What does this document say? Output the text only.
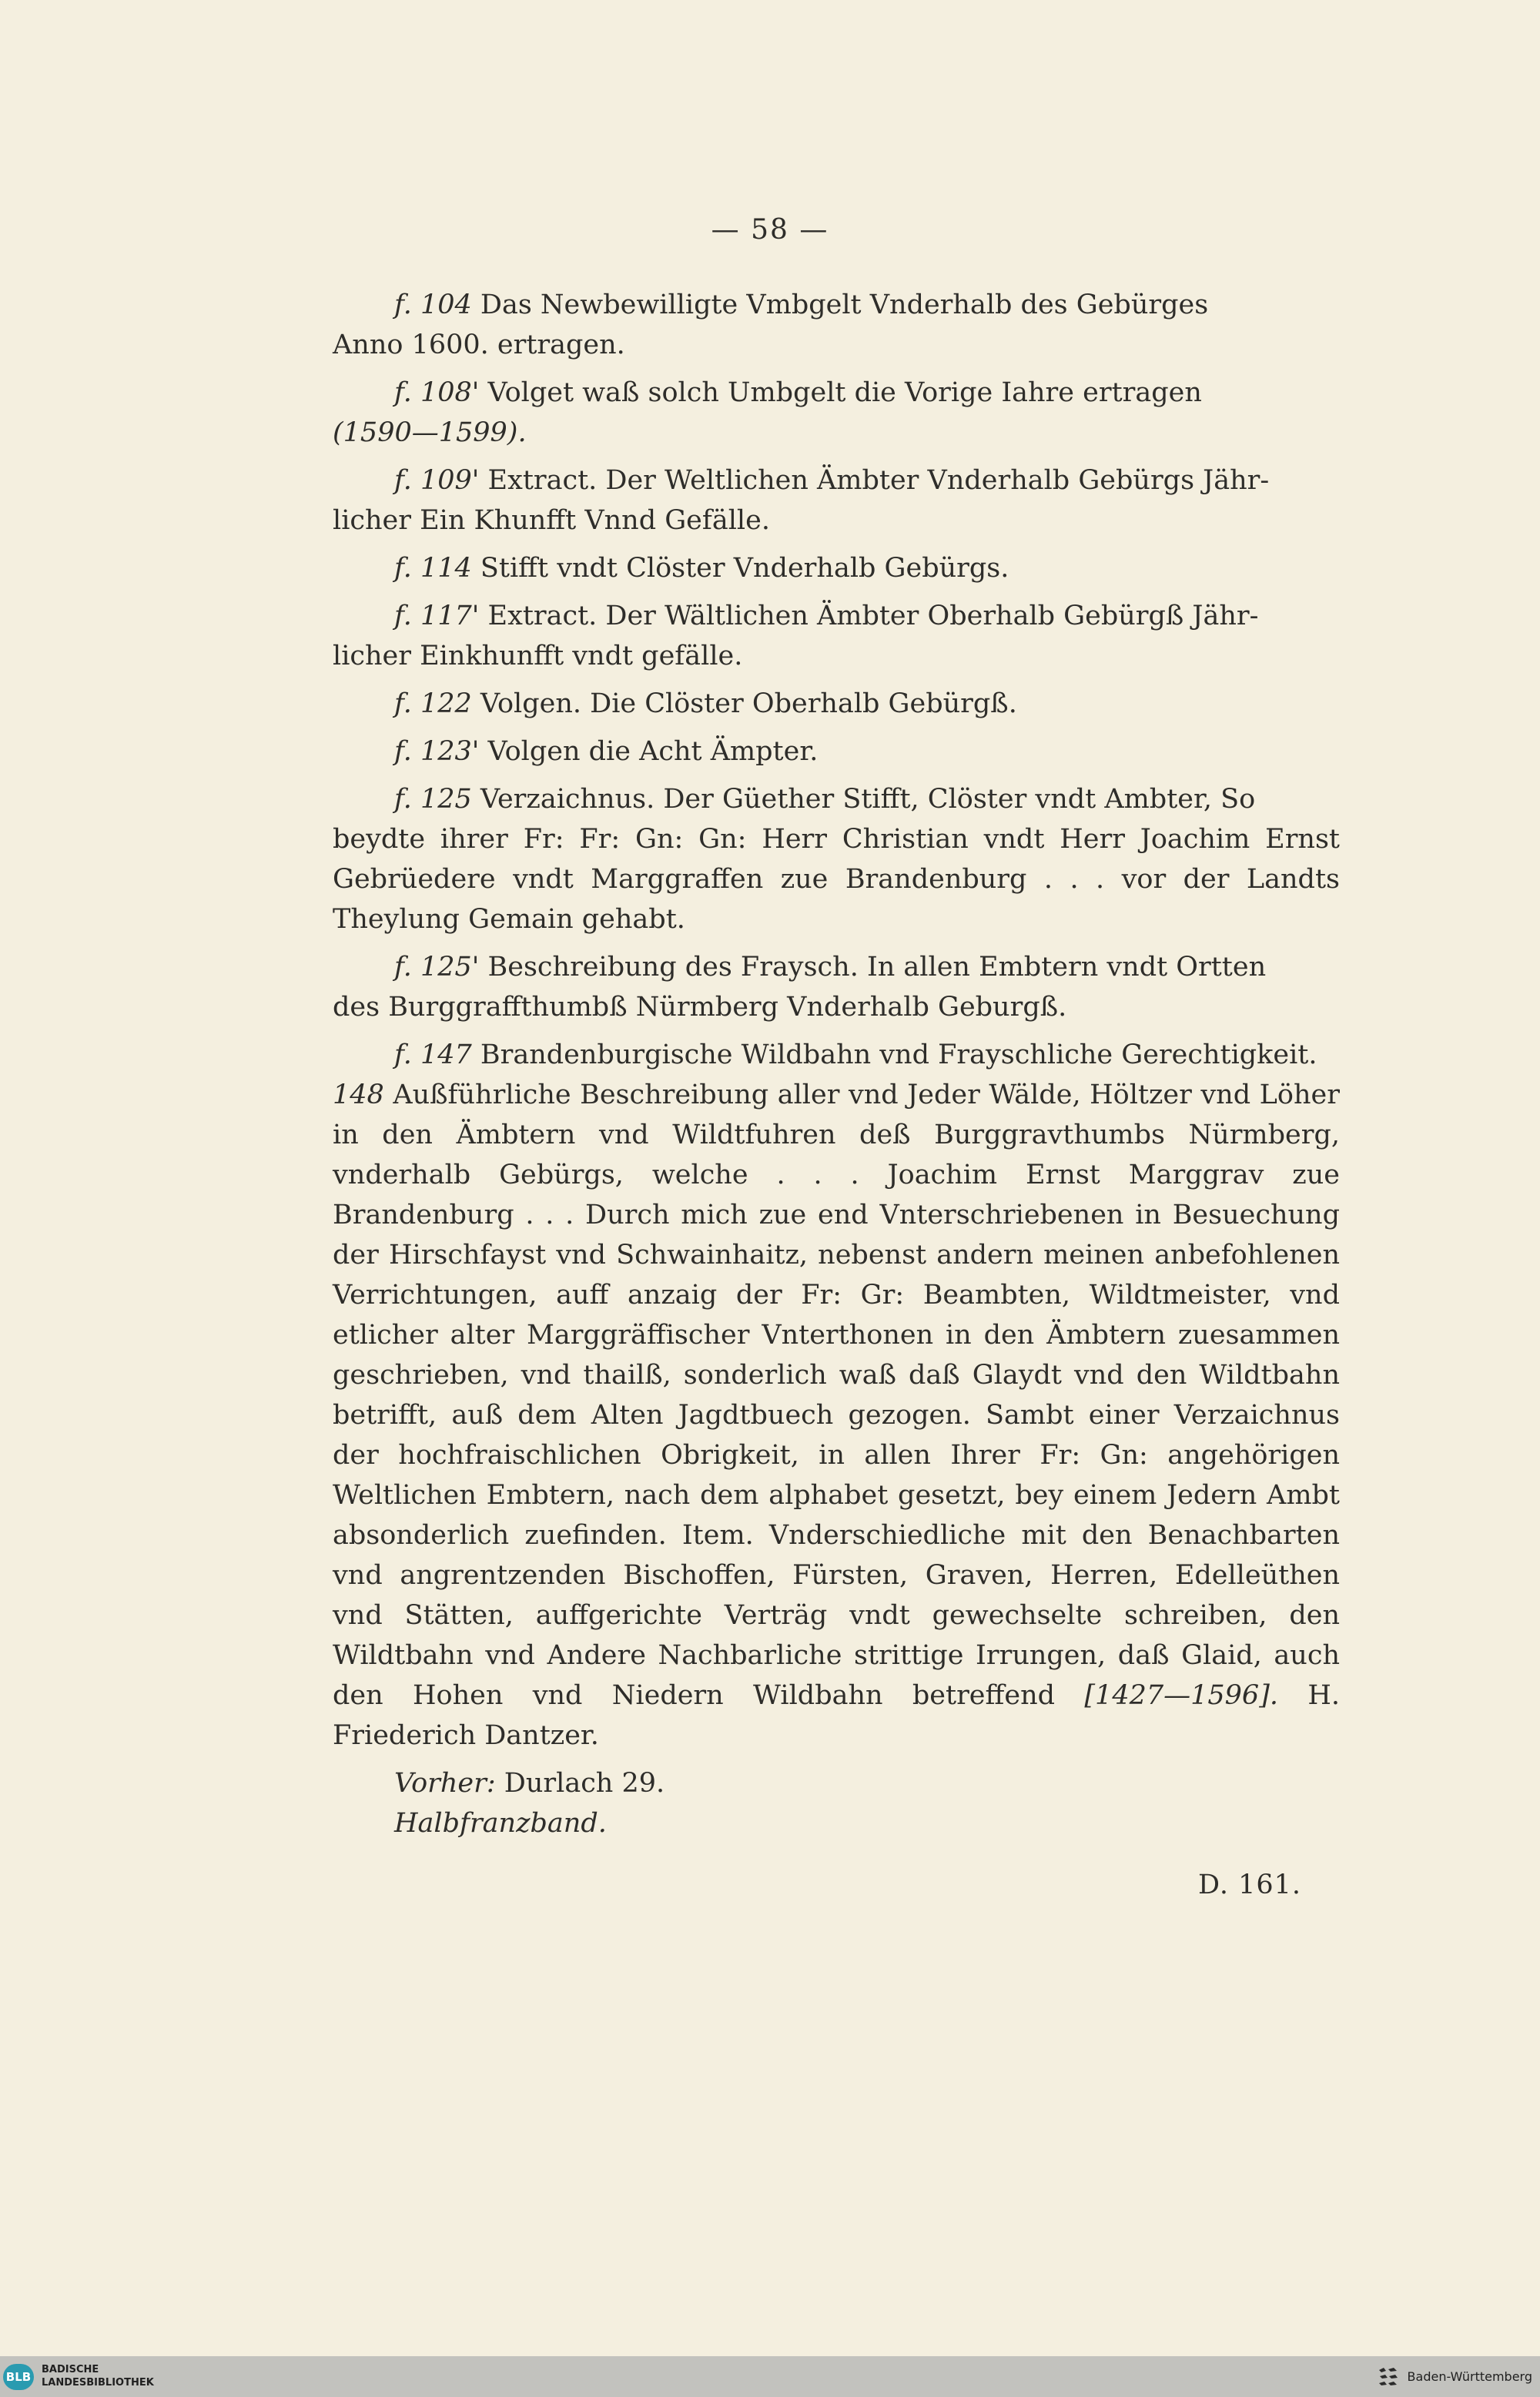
— 58 —
f. 104 Das Newbewilligte Vmbgelt Vnderhalb des Gebürges
Anno 1600. ertragen.
f. 108' Volget waß solch Umbgelt die Vorige Iahre ertragen
(1590—1599).
f. 109' Extract. Der Weltlichen Ämbter Vnderhalb Gebürgs Jähr-
licher Ein Khunfft Vnnd Gefälle.
f. 114 Stifft vndt Clöster Vnderhalb Gebürgs.
f. 117' Extract. Der Wältlichen Ämbter Oberhalb Gebürgß Jähr-
licher Einkhunfft vndt gefälle.
f. 122 Volgen. Die Clöster Oberhalb Gebürgß.
f. 123' Volgen die Acht Ämpter.
f. 125 Verzaichnus. Der Güether Stifft, Clöster vndt Ambter, So
beydte ihrer Fr: Fr: Gn: Gn: Herr Christian vndt Herr Joachim Ernst Gebrüedere vndt Marggraffen zue Brandenburg . . . vor der Landts Theylung Gemain gehabt.
f. 125' Beschreibung des Fraysch. In allen Embtern vndt Ortten
des Burggraffthumbß Nürmberg Vnderhalb Geburgß.
f. 147 Brandenburgische Wildbahn vnd Frayschliche Gerechtigkeit.
148 Außführliche Beschreibung aller vnd Jeder Wälde, Höltzer vnd Löher in den Ämbtern vnd Wildtfuhren deß Burggravthumbs Nürmberg, vnderhalb Gebürgs, welche . . . Joachim Ernst Marggrav zue Brandenburg . . . Durch mich zue end Vnterschriebenen in Besuechung der Hirschfayst vnd Schwainhaitz, nebenst andern meinen anbefohlenen Verrichtungen, auff anzaig der Fr: Gr: Beambten, Wildtmeister, vnd etlicher alter Marggräffischer Vnterthonen in den Ämbtern zuesammen geschrieben, vnd thailß, sonderlich waß daß Glaydt vnd den Wildtbahn betrifft, auß dem Alten Jagdtbuech gezogen. Sambt einer Verzaichnus der hochfraischlichen Obrigkeit, in allen Ihrer Fr: Gn: angehörigen Weltlichen Embtern, nach dem alphabet gesetzt, bey einem Jedern Ambt absonderlich zuefinden. Item. Vnderschiedliche mit den Benachbarten vnd angrentzenden Bischoffen, Fürsten, Graven, Herren, Edelleüthen vnd Stätten, auffgerichte Verträg vndt gewechselte schreiben, den Wildtbahn vnd Andere Nachbarliche strittige Irrungen, daß Glaid, auch den Hohen vnd Niedern Wildbahn betreffend [1427—1596]. H. Friederich Dantzer.
Vorher: Durlach 29.
Halbfranzband.
D. 161.
BLB
BADISCHE
LANDESBIBLIOTHEK	Baden-Württemberg
